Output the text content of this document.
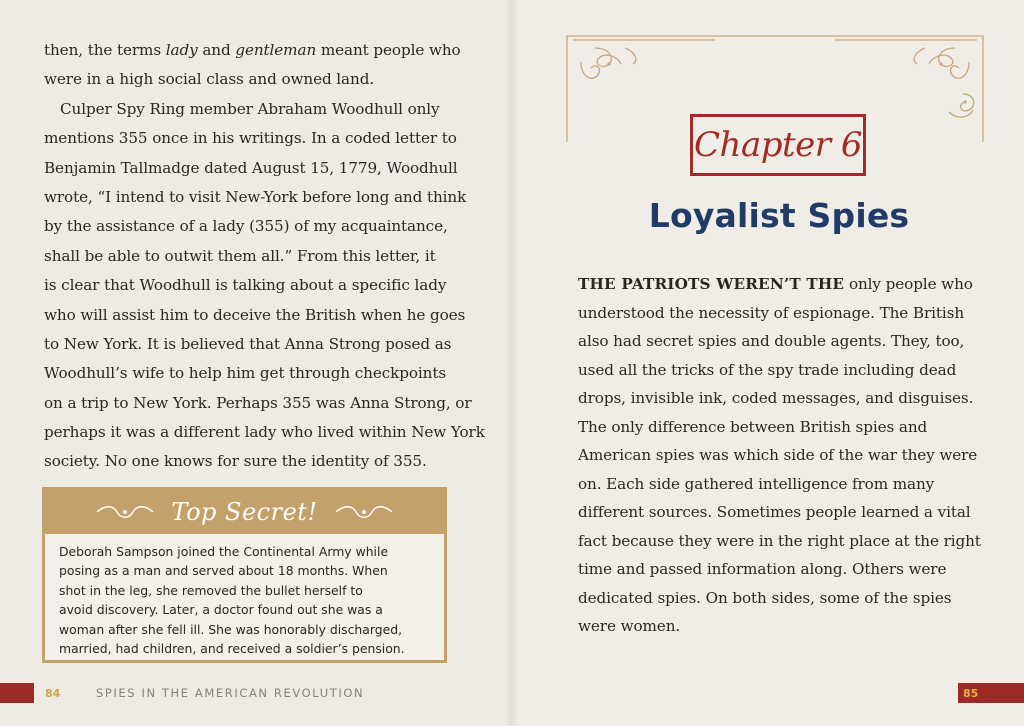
then, the terms lady and gentleman meant people who
were in a high social class and owned land.
Culper Spy Ring member Abraham Woodhull only
mentions 355 once in his writings. In a coded letter to
Benjamin Tallmadge dated August 15, 1779, Woodhull
wrote, “I intend to visit New-York before long and think
by the assistance of a lady (355) of my acquaintance,
shall be able to outwit them all.” From this letter, it
is clear that Woodhull is talking about a specific lady
who will assist him to deceive the British when he goes
to New York. It is believed that Anna Strong posed as
Woodhull’s wife to help him get through checkpoints
on a trip to New York. Perhaps 355 was Anna Strong, or
perhaps it was a different lady who lived within New York
society. No one knows for sure the identity of 355.
Top Secret!
Deborah Sampson joined the Continental Army while
posing as a man and served about 18 months. When
shot in the leg, she removed the bullet herself to
avoid discovery. Later, a doctor found out she was a
woman after she fell ill. She was honorably discharged,
married, had children, and received a soldier’s pension.
84	SPIES IN THE AMERICAN REVOLUTION
Chapter 6
Loyalist Spies
THE PATRIOTS WEREN’T THE only people who
understood the necessity of espionage. The British
also had secret spies and double agents. They, too,
used all the tricks of the spy trade including dead
drops, invisible ink, coded messages, and disguises.
The only difference between British spies and
American spies was which side of the war they were
on. Each side gathered intelligence from many
different sources. Sometimes people learned a vital
fact because they were in the right place at the right
time and passed information along. Others were
dedicated spies. On both sides, some of the spies
were women.
85
